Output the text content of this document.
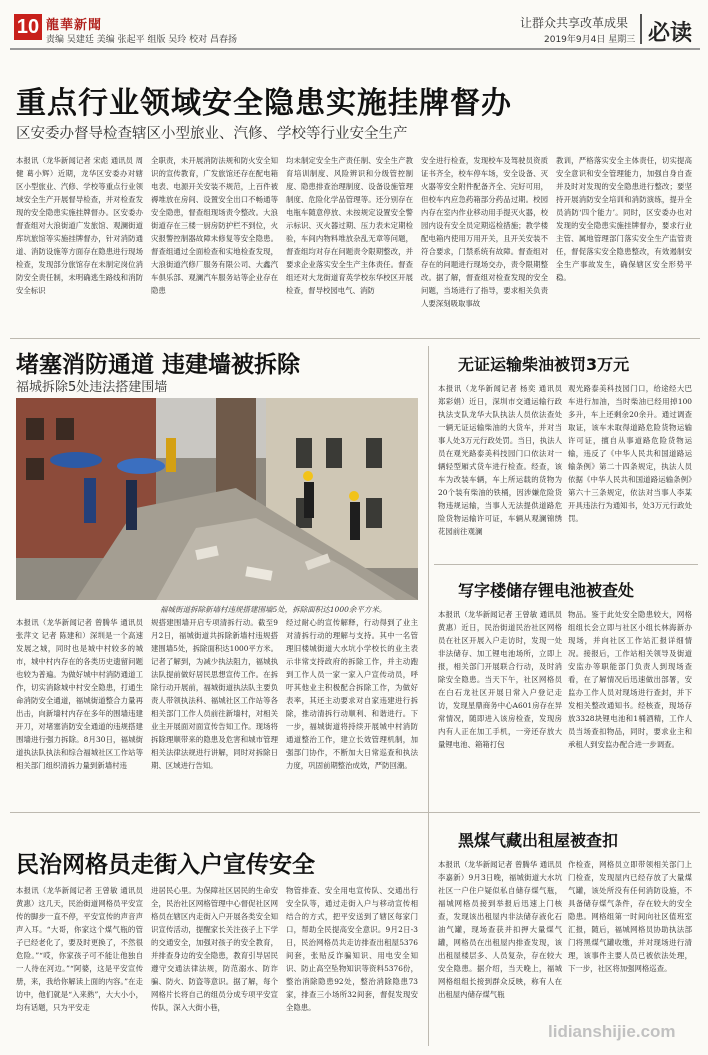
10 龍華新聞
责编 吴建廷 美编 张起平 组版 吴玲 校对 昌春扬
让群众共享改革成果
2019年9月4日 星期三 必读
重点行业领域安全隐患实施挂牌督办
区安委办督导检查辖区小型旅业、汽修、学校等行业安全生产
本报讯（龙华新闻记者 宋彪 通讯员 周健 葛小辉）近期，龙华区安委办对辖区小型旅业、汽修、学校等重点行业领域安全生产开展督导检查，并对检查发现的安全隐患实施挂牌督办。区安委办督查组对大浪街道广发旅馆、观澜街道库坑旅馆等实施挂牌督办，针对消防通道、消防设施等方面存在隐患进行现场检查，发现部分旅馆存在未制定岗位消防安全责任制，未明确逃生路线和消防安全标识
全职责，未开展消防法规和防火安全知识的宣传教育，广发旅馆还存在配电箱电表、电源开关安装不规范，上百件被褥堆放在房间、设置安全出口不畅通等安全隐患，督查组现场责令整改。大浪街道存在三楼一厨房防护栏不到位，火灾报警控制器故障未修复等安全隐患。督查组通过全面检查和实地检查发现，大浪街道汽修厂服务有限公司、大鑫汽车俱乐部、观澜汽车服务站等企业存在隐患
均未制定安全生产责任制、安全生产教育培训制度、风险辨识和分级管控制度、隐患排查治理制度、设备设施管理制度、危险化学品管理等。还分别存在电瓶车随意停放、未按规定设置安全警示标识、灭火器过期、压力表未定期检验，车间内物料堆放杂乱无章等问题，督查组均对存在问题责令限期整改，并要求企业落实安全生产主体责任。督查组还对大龙街道育英学校东华校区开展检查，督导校园电气、消防
安全进行检查，发现校车及驾驶员资质证书齐全，校车停车场，安全设备、灭火器等安全附件配备齐全、完好可用，但校车内应急药箱部分药品过期。校园内存在室内作业移动用手提灭火器，校园内设有安全员定期巡检措施；教学楼配电箱内使用万用开关，且开关安装不符合要求，门禁系统有故障。督查组对存在的问题进行现场交办，责令限期整改。据了解，督查组对检查发现的安全问题，当场进行了指导，要求相关负责人要深刻吸取事故
教训，严格落实安全主体责任，切实提高安全意识和安全管理能力，加强自身自查并及时对发现的安全隐患进行整改；要坚持开展消防安全培训和消防演练，提升全员消防‘四个能力’。同时，区安委办也对发现的安全隐患实施挂牌督办，要求行业主管、属地管理部门落实安全生产监管责任，督促落实安全隐患整改，有效遏制安全生产事故发生，确保辖区安全形势平稳。
堵塞消防通道 违建墙被拆除
福城拆除5处违法搭建围墙
福城街道拆除新墙村违规搭建围墙5处，拆除面积达1000余平方米。
本报讯（龙华新闻记者 曾腾华 通讯员 张萍文 记者 陈建和）深圳是一个高速发展之城，同时也是城中村较多的城市，城中村内存在的各类历史遗留问题也较为普遍。为做好城中村消防通道工作，切实消除城中村安全隐患，打通生命消防安全通道，福城街道整合力量再出击，向新墙村内存在多年的围墙违建开刀，对堵塞消防安全通道的违规搭建围墙进行强力拆除。8月30日，福城街道执法队执法和综合福城社区工作站等相关部门组织清拆力量到新墙村违
规搭建围墙开启专项清拆行动。截至9月2日，福城街道共拆除新墙村违规搭建围墙5处，拆除面积达1000平方米。记者了解到，为减少执法阻力，福城执法队提前做好居民思想宣传工作。在拆除行动开展前，福城街道执法队主要负责人带领执法科、福城社区工作站等各相关部门工作人员前往新墙村，对相关业主开展面对面宣传告知工作。现场将拆除理顺带来的隐患及危害和城市管理相关法律法规进行讲解，同时对拆除日期、区域进行告知。
经过耐心的宣传解释，行动得到了业主对清拆行动的理解与支持。其中一名管理旧楼城街道大水坑小学校长的业主表示非常支持政府的拆除工作，并主动跑到工作人员一家一家入户宣传动员，呼吁其他业主积极配合拆除工作，为做好表率，其还主动要求对自家违建进行拆除，推动清拆行动顺利、和谐进行。下一步，福城街道将持续开展城中村消防通道整治工作，建立长效管理机制，加强部门协作，不断加大日常巡查和执法力度，巩固前期整治成效，严防回潮。
无证运输柴油被罚3万元
本报讯（龙华新闻记者 杨奕 通讯员 郑彩娟）近日，深圳市交通运输行政执法支队龙华大队执法人员依法查处一辆无证运输柴油的大货车，并对当事人处3万元行政处罚。当日，执法人员在观光路泰美科技园门口依法对一辆轻型厢式货车进行检查。经查，该车为改装车辆，车上所运载的货物为20个装有柴油的铁桶，因涉嫌危险货物违规运输，当事人无法提供道路危险货物运输许可证，车辆从观澜锦绣花园前往观澜
观光路泰美科技园门口，给途经大巴车进行加油，当时柴油已经用掉100多升，车上还剩余20余升。通过调查取证，该车未取得道路危险货物运输许可证，擅自从事道路危险货物运输，违反了《中华人民共和国道路运输条例》第二十四条规定，执法人员依据《中华人民共和国道路运输条例》第六十三条规定，依法对当事人李某开具违法行为通知书，处3万元行政处罚。
写字楼储存锂电池被查处
本报讯（龙华新闻记者 王曾敏 通讯员 黄惠）近日，民治街道民治社区网格员在社区开展入户走访时，发现一处非法储存、加工锂电池场所，立即上报，相关部门开展联合行动，及时消除安全隐患。当天下午，社区网格员在白石龙社区开展日常入户登记走访，发现星鼎商务中心A601房存在异常情况，随即进入该房检查，发现房内有人正在加工手机，一旁还存放大量锂电池、箱箱打包
物品。鉴于此处安全隐患较大，网格组组长会立即与社区小组长林海新办现场，并向社区工作站汇报详细情况。接报后，工作站相关领导及街道安监办等职能部门负责人到现场查看，在了解情况后迅速做出部署，安监办工作人员对现场进行查封，并下发相关整改通知书。经核查，现场存放3328块锂电池和1桶酒精，工作人员当场查扣物品，同时，要求业主和承租人到安监办配合进一步调查。
民治网格员走街入户宣传安全
本报讯（龙华新闻记者 王曾敏 通讯员 黄惠）这几天，民治街道网格员平安宣传的脚步一直不停，平安宣传的声音声声入耳。“大哥，你家这个煤气瓶的管子已经老化了，要及时更换了，不然很危险。”“哎，你家孩子可不能让他独自一人待在河边。”“阿婆，这是平安宣传册，来，我给你解读上面的内容。”在走访中，他们就是“入来熟”，大大小小，均有话题，只为平安走
进居民心里。为保障社区居民的生命安全，民治社区网格管理中心督促社区网格员在辖区内走街入户开展各类安全知识宣传活动，提醒家长关注孩子上下学的交通安全，加强对孩子的安全教育，并排查身边的安全隐患，教育引导居民遵守交通法律法规，防范溺水、防诈骗、防火、防盗等意识。据了解，每个网格片长将自己的组员分成专项平安宣传队，深入大街小巷，
物管排查、安全用电宣传队、交通出行安全队等，通过走街入户与移动宣传相结合的方式，把平安送到了辖区每家门口，帮助全民提高安全意识。9月2日-3日，民治网格员共走访排查出租屋5376间套，张贴反诈骗知识、用电安全知识、防止高空坠物知识等资料5376份，整治消除隐患92处，整治消除隐患73家，排查三小场所32间套，督促发现安全隐患。
黑煤气藏出租屋被查扣
本报讯（龙华新闻记者 曾腾华 通讯员 李嘉新）9月3日晚，福城街道大水坑社区一户住户疑似私自储存煤气瓶，福城网格员接到举报后迅速上门核查，发现该出租屋内非法储存液化石油气罐，现场查获并扣押大量煤气罐，网格员在出租屋内排查发现，该出租屋楼层多、人员复杂，存在较大安全隐患。据介绍，当天晚上，福城网格组组长接到群众反映，称有人在出租屋内储存煤气瓶
作检查，网格员立即带领相关部门上门检查，发现屋内已经存放了大量煤气罐，该处所没有任何消防设施，不具备储存煤气条件，存在较大的安全隐患。网格组第一时间向社区值班室汇报，随后，福城网格员协助执法部门将黑煤气罐收缴，并对现场进行清理，该事件主要人员已被依法处理，下一步，社区将加强网格巡查。
lidianshijie.com
